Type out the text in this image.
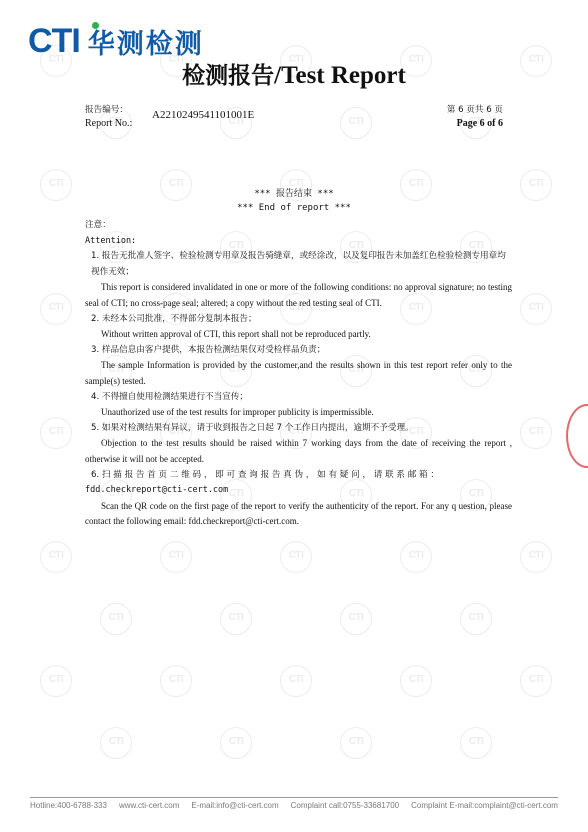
CTI
CTI
CTI
CTI
CTI
CTI
CTI
CTI
CTI
CTI
CTI
CTI
CTI
CTI
CTI
CTI
CTI
CTI
CTI
CTI
CTI
CTI
CTI
CTI
CTI
CTI
CTI
CTI
CTI
CTI
CTI
CTI
CTI
CTI
CTI
CTI
CTI
CTI
CTI
CTI
CTI
CTI
CTI
CTI
CTI
CTI
CTI
CTI
CTI
CTI
CTI
CTI
CTI
CTI
CTI 华测检测
检测报告/Test Report
报告编号：
Report No.:
A2210249541101001E	第 6 页共 6 页
Page 6 of 6
*** 报告结束 ***
*** End of report ***
注意：
Attention:
1. 报告无批准人签字、检验检测专用章及报告骑缝章，或经涂改，以及复印报告未加盖红色检验检测专用章均视作无效；
This report is considered invalidated in one or more of the following conditions: no approval signature; no testing seal of CTI; no cross-page seal; altered; a copy without the red testing seal of CTI.
2. 未经本公司批准，不得部分复制本报告；
Without written approval of CTI, this report shall not be reproduced partly.
3. 样品信息由客户提供，本报告检测结果仅对受检样品负责；
The sample Information is provided by the customer,and the results shown in this test report refer only to the sample(s) tested.
4. 不得擅自使用检测结果进行不当宣传；
Unauthorized use of the test results for improper publicity is impermissible.
5. 如果对检测结果有异议，请于收到报告之日起 7 个工作日内提出，逾期不予受理。
Objection to the test results should be raised within 7 working days from the date of receiving the report , otherwise it will not be accepted.
6. 扫 描 报 告 首 页 二 维 码 ， 即 可 查 询 报 告 真 伪 ， 如 有 疑 问 ， 请 联 系 邮 箱 ：
fdd.checkreport@cti-cert.com
Scan the QR code on the first page of the report to verify the authenticity of the report. For any q uestion, please contact the following email: fdd.checkreport@cti-cert.com.
Hotline:400-6788-333 www.cti-cert.com E-mail:info@cti-cert.com Complaint call:0755-33681700 Complaint E-mail:complaint@cti-cert.com
